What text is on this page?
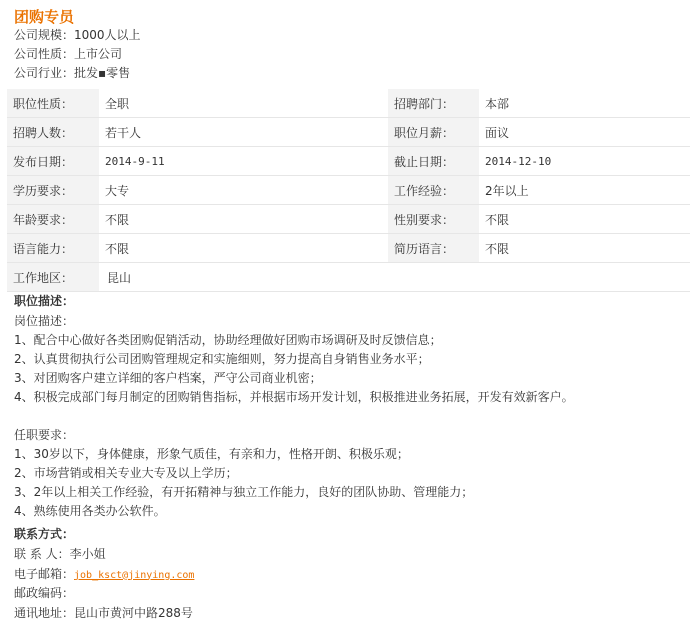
团购专员
公司规模：1000人以上
公司性质：上市公司
公司行业：批发▪零售
职位性质：	全职	招聘部门：	本部
招聘人数：	若干人	职位月薪：	面议
发布日期：	2014-9-11	截止日期：	2014-12-10
学历要求：	大专	工作经验：	2年以上
年龄要求：	不限	性别要求：	不限
语言能力：	不限	简历语言：	不限
工作地区：	昆山		
职位描述：
岗位描述：
1、配合中心做好各类团购促销活动，协助经理做好团购市场调研及时反馈信息；
2、认真贯彻执行公司团购管理规定和实施细则，努力提高自身销售业务水平；
3、对团购客户建立详细的客户档案，严守公司商业机密；
4、积极完成部门每月制定的团购销售指标，并根据市场开发计划，积极推进业务拓展，开发有效新客户。
任职要求：
1、30岁以下，身体健康，形象气质佳，有亲和力，性格开朗、积极乐观；
2、市场营销或相关专业大专及以上学历；
3、2年以上相关工作经验，有开拓精神与独立工作能力，良好的团队协助、管理能力；
4、熟练使用各类办公软件。
联系方式：
联 系 人：李小姐
电子邮箱：job_ksct@jinying.com
邮政编码：
通讯地址：昆山市黄河中路288号
